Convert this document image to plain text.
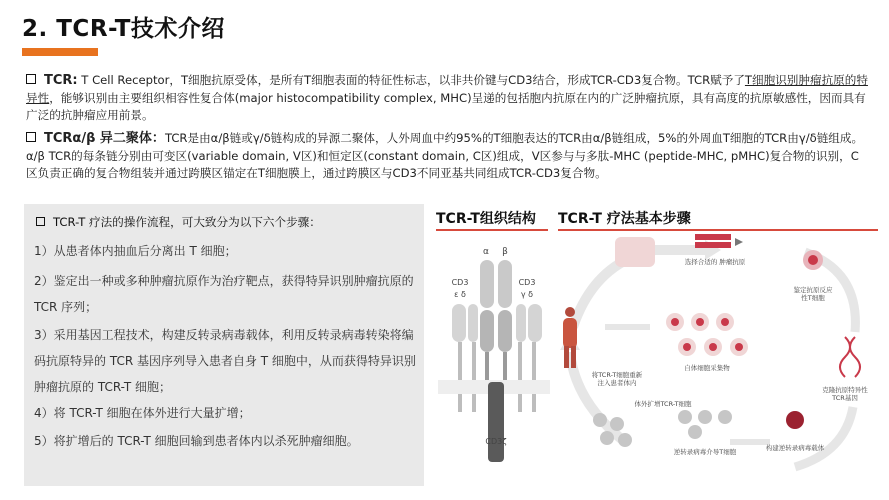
2. TCR-T技术介绍
TCR: T Cell Receptor，T细胞抗原受体，是所有T细胞表面的特征性标志，以非共价键与CD3结合，形成TCR-CD3复合物。TCR赋予了T细胞识别肿瘤抗原的特异性，能够识别由主要组织相容性复合体(major histocompatibility complex, MHC)呈递的包括胞内抗原在内的广泛肿瘤抗原，具有高度的抗原敏感性，因而具有广泛的抗肿瘤应用前景。
TCRα/β 异二聚体：TCR是由α/β链或γ/δ链构成的异源二聚体，人外周血中约95%的T细胞表达的TCR由α/β链组成，5%的外周血T细胞的TCR由γ/δ链组成。α/β TCR的每条链分别由可变区(variable domain, V区)和恒定区(constant domain, C区)组成，V区参与与多肽-MHC (peptide-MHC, pMHC)复合物的识别，C区负责正确的复合物组装并通过跨膜区锚定在T细胞膜上，通过跨膜区与CD3不同亚基共同组成TCR-CD3复合物。
TCR-T 疗法的操作流程，可大致分为以下六个步骤：
1）从患者体内抽血后分离出 T 细胞；
2）鉴定出一种或多种肿瘤抗原作为治疗靶点，获得特异识别肿瘤抗原的 TCR 序列；
3）采用基因工程技术，构建反转录病毒载体，利用反转录病毒转染将编码抗原特异的 TCR 基因序列导入患者自身 T 细胞中，从而获得特异识别肿瘤抗原的 TCR-T 细胞；
4）将 TCR-T 细胞在体外进行大量扩增；
5）将扩增后的 TCR-T 细胞回输到患者体内以杀死肿瘤细胞。
TCR-T组织结构
α β
CD3
ε δ
CD3
γ δ
CD3ζ
TCR-T 疗法基本步骤
选择合适的 肿瘤抗原
鉴定抗原反应性T细胞
克隆抗原特异性 TCR基因
构建逆转录病毒载体
逆转录病毒介导T细胞
体外扩增TCR-T细胞
自体细胞采集物
将TCR-T细胞重新注入患者体内
